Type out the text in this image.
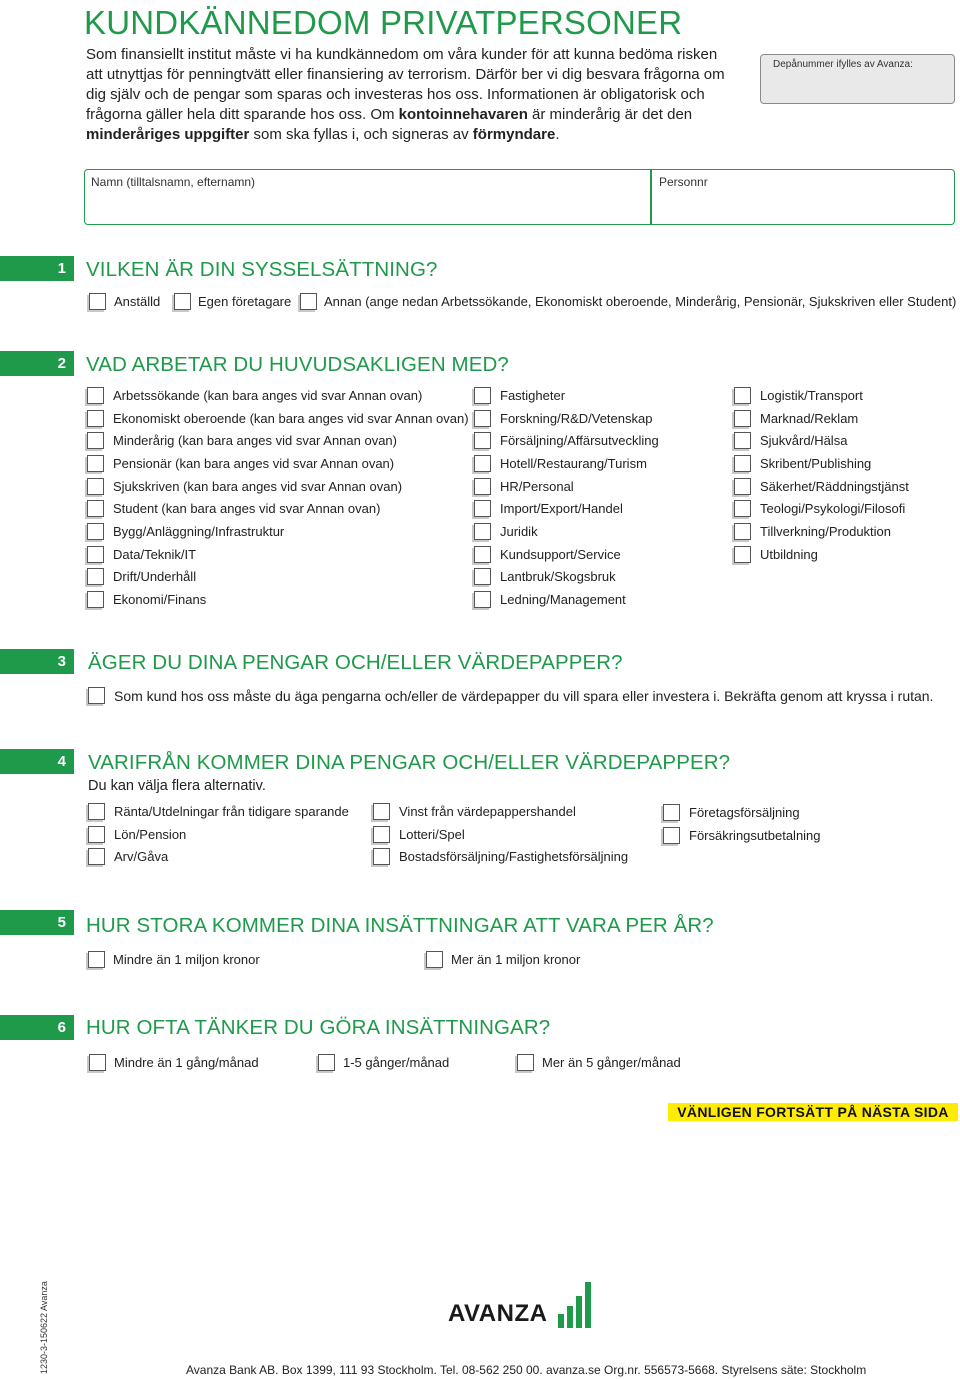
KUNDKÄNNEDOM PRIVATPERSONER
Som finansiellt institut måste vi ha kundkännedom om våra kunder för att kunna bedöma risken att utnyttjas för penningtvätt eller finansiering av terrorism. Därför ber vi dig besvara frågorna om dig själv och de pengar som sparas och investeras hos oss. Informationen är obligatorisk och frågorna gäller hela ditt sparande hos oss. Om kontoinnehavaren är minderårig är det den minderåriges uppgifter som ska fyllas i, och signeras av förmyndare.
Depånummer ifylles av Avanza:
Namn (tilltalsnamn, efternamn)	Personnr
1 VILKEN ÄR DIN SYSSELSÄTTNING?
Anställd	Egen företagare	Annan (ange nedan Arbetssökande, Ekonomiskt oberoende, Minderårig, Pensionär, Sjukskriven eller Student)
2 VAD ARBETAR DU HUVUDSAKLIGEN MED?
Arbetssökande (kan bara anges vid svar Annan ovan)
Ekonomiskt oberoende (kan bara anges vid svar Annan ovan)
Minderårig (kan bara anges vid svar Annan ovan)
Pensionär (kan bara anges vid svar Annan ovan)
Sjukskriven (kan bara anges vid svar Annan ovan)
Student (kan bara anges vid svar Annan ovan)
Bygg/Anläggning/Infrastruktur
Data/Teknik/IT
Drift/Underhåll
Ekonomi/Finans
Fastigheter
Forskning/R&D/Vetenskap
Försäljning/Affärsutveckling
Hotell/Restaurang/Turism
HR/Personal
Import/Export/Handel
Juridik
Kundsupport/Service
Lantbruk/Skogsbruk
Ledning/Management
Logistik/Transport
Marknad/Reklam
Sjukvård/Hälsa
Skribent/Publishing
Säkerhet/Räddningstjänst
Teologi/Psykologi/Filosofi
Tillverkning/Produktion
Utbildning
3	ÄGER DU DINA PENGAR OCH/ELLER VÄRDEPAPPER?
Som kund hos oss måste du äga pengarna och/eller de värdepapper du vill spara eller investera i. Bekräfta genom att kryssa i rutan.
4	VARIFRÅN KOMMER DINA PENGAR OCH/ELLER VÄRDEPAPPER?
Du kan välja flera alternativ.
Ränta/Utdelningar från tidigare sparande
Lön/Pension
Arv/Gåva
Vinst från värdepappershandel
Lotteri/Spel
Bostadsförsäljning/Fastighetsförsäljning
Företagsförsäljning
Försäkringsutbetalning
5 HUR STORA KOMMER DINA INSÄTTNINGAR ATT VARA PER ÅR?
Mindre än 1 miljon kronor	Mer än 1 miljon kronor
6 HUR OFTA TÄNKER DU GÖRA INSÄTTNINGAR?
Mindre än 1 gång/månad	1-5 gånger/månad	Mer än 5 gånger/månad
VÄNLIGEN FORTSÄTT PÅ NÄSTA SIDA
1230-3-150622 Avanza	AVANZA
Avanza Bank AB. Box 1399, 111 93 Stockholm. Tel. 08-562 250 00. avanza.se Org.nr. 556573-5668. Styrelsens säte: Stockholm
